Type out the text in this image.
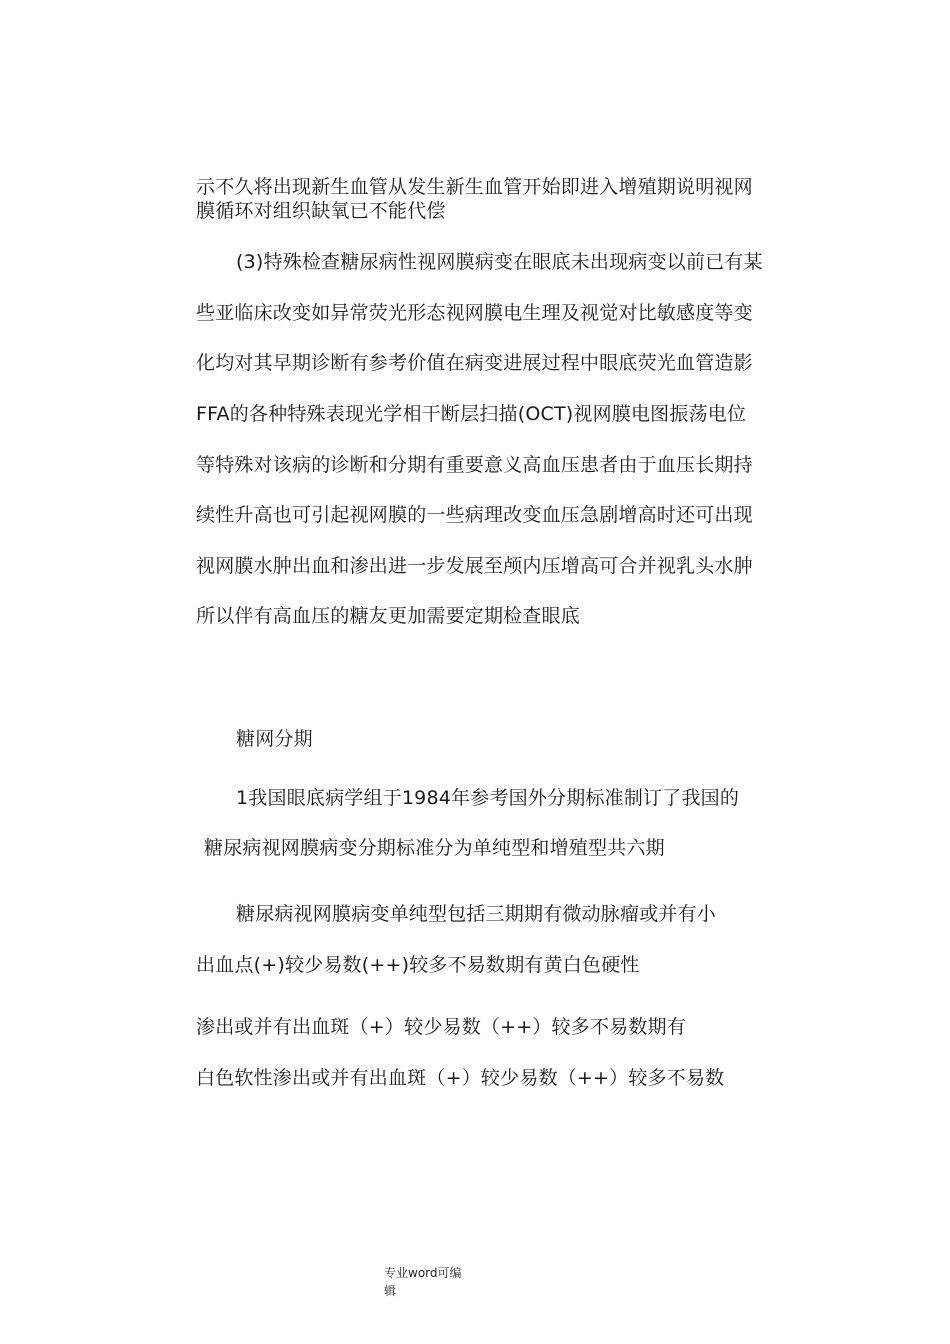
示不久将出现新生血管从发生新生血管开始即进入增殖期说明视网
膜循环对组织缺氧已不能代偿
(3)特殊检查糖尿病性视网膜病变在眼底未出现病变以前已有某
些亚临床改变如异常荧光形态视网膜电生理及视觉对比敏感度等变
化均对其早期诊断有参考价值在病变进展过程中眼底荧光血管造影
FFA的各种特殊表现光学相干断层扫描(OCT)视网膜电图振荡电位
等特殊对该病的诊断和分期有重要意义高血压患者由于血压长期持
续性升高也可引起视网膜的一些病理改变血压急剧增高时还可出现
视网膜水肿出血和渗出进一步发展至颅内压增高可合并视乳头水肿
所以伴有高血压的糖友更加需要定期检查眼底
糖网分期
1我国眼底病学组于1984年参考国外分期标准制订了我国的
糖尿病视网膜病变分期标准分为单纯型和增殖型共六期
糖尿病视网膜病变单纯型包括三期期有微动脉瘤或并有小
出血点(+)较少易数(++)较多不易数期有黄白色硬性
渗出或并有出血斑（+）较少易数（++）较多不易数期有
白色软性渗出或并有出血斑（+）较少易数（++）较多不易数
专业word可编
辑
